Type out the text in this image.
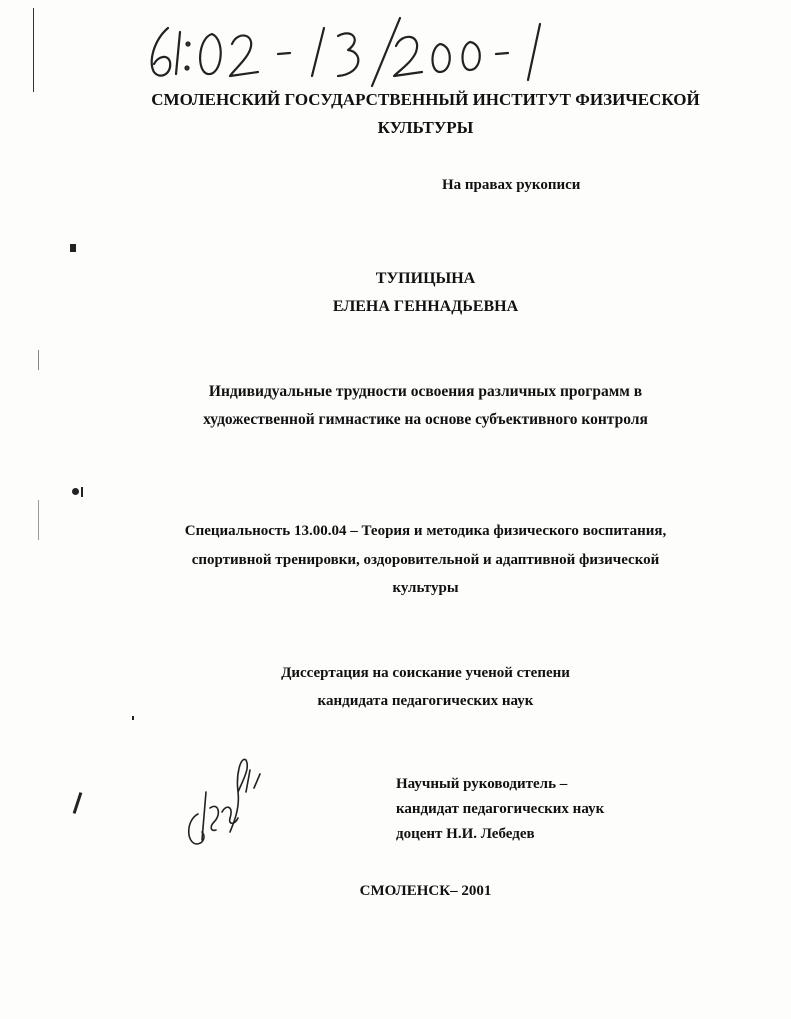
СМОЛЕНСКИЙ ГОСУДАРСТВЕННЫЙ ИНСТИТУТ ФИЗИЧЕСКОЙ
КУЛЬТУРЫ
На правах рукописи
ТУПИЦЫНА
ЕЛЕНА ГЕННАДЬЕВНА
Индивидуальные трудности освоения различных программ в
художественной гимнастике на основе субъективного контроля
Специальность 13.00.04 – Теория и методика физического воспитания,
спортивной тренировки, оздоровительной и адаптивной физической
культуры
Диссертация на соискание ученой степени
кандидата педагогических наук
Научный руководитель –
кандидат педагогических наук
доцент Н.И. Лебедев
СМОЛЕНСК– 2001
